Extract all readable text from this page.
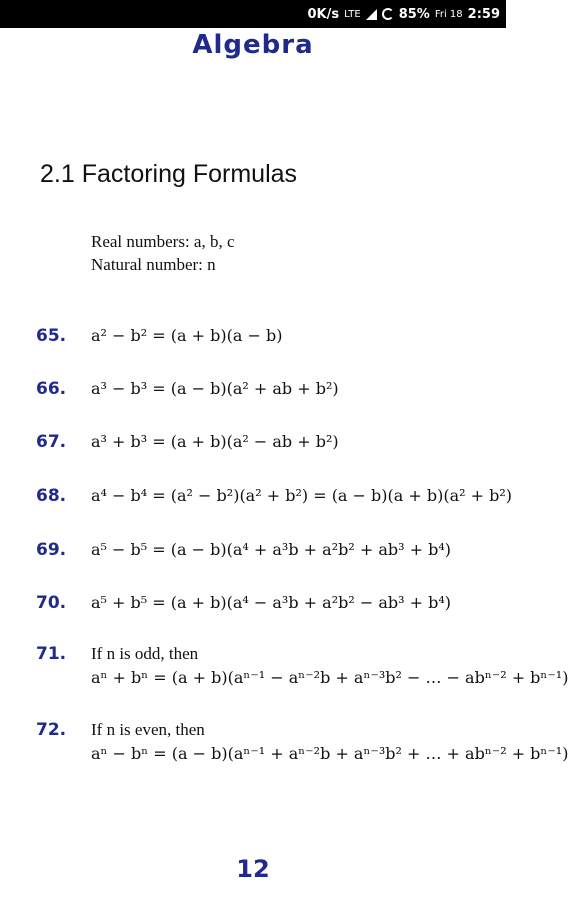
0K/s LTE	85% Fri 18 2:59
Algebra
2.1 Factoring Formulas
Real numbers: a, b, c
Natural number: n
65. a² − b² = (a + b)(a − b)
66. a³ − b³ = (a − b)(a² + ab + b²)
67. a³ + b³ = (a + b)(a² − ab + b²)
68. a⁴ − b⁴ = (a² − b²)(a² + b²) = (a − b)(a + b)(a² + b²)
69. a⁵ − b⁵ = (a − b)(a⁴ + a³b + a²b² + ab³ + b⁴)
70. a⁵ + b⁵ = (a + b)(a⁴ − a³b + a²b² − ab³ + b⁴)
71. If n is odd, then
aⁿ + bⁿ = (a + b)(aⁿ⁻¹ − aⁿ⁻²b + aⁿ⁻³b² − … − abⁿ⁻² + bⁿ⁻¹)
72. If n is even, then
aⁿ − bⁿ = (a − b)(aⁿ⁻¹ + aⁿ⁻²b + aⁿ⁻³b² + … + abⁿ⁻² + bⁿ⁻¹)
12
